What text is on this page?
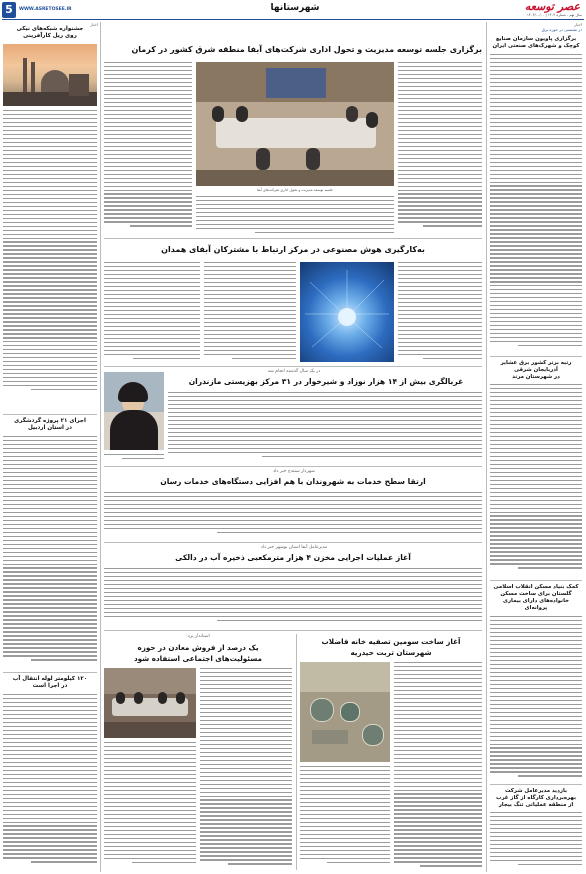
5	WWW.ASRETOSEE.IR	شهرستانها	عصر توسعه
سال نهم - شماره ۱۴۰۳ | ۱۴۰۳/۰۰/۰۰
اخبار
جشنواره شبکه‌های نیکی
روی ریل کارآفرینی
اجرای ۲۱ پروژه گردشگری
در استان اردبیل
۱۲۰ کیلومتر لوله انتقال آب
در اجرا است
اخبار
در نشستی در حوزه برق
برگزاری پاویون سازمان صنایع
کوچک و شهرک‌های صنعتی ایران
رتبه برتر کشور برق عشایر
آذربایجان شرقی
در شهرستان مرند
کمک بنیاد مسکن انقلاب اسلامی
گلستان برای ساخت مسکن
خانواده‌های دارای بیماری
پروانه‌ای
بازدید مدیرعامل شرکت
بهره‌برداری کارگاه از گاز غرب
از منطقه عملیاتی تنگ بیجار
برگزاری جلسه توسعه مدیریت و تحول اداری شرکت‌های آبفا منطقه شرق کشور در کرمان
جلسه توسعه مدیریت و تحول اداری شرکت‌های آبفا
به‌کارگیری هوش مصنوعی در مرکز ارتباط با مشترکان آبفای همدان
در یک سال گذشته انجام شد
غربالگری بیش از ۱۴ هزار نوزاد و شیرخوار در ۳۱ مرکز بهزیستی مازندران
شهردار سنندج خبر داد
ارتقا سطح خدمات به شهروندان با هم افزایی دستگاه‌های خدمات رسان
مدیرعامل آبفا استان بوشهر خبر داد
آغاز عملیات اجرایی مخزن ۴ هزار مترمکعبی ذخیره آب در دالکی
آغاز ساخت سومین تصفیه خانه فاضلاب
شهرستان تربت حیدریه
استاندار یزد:
یک درصد از فروش معادن در حوزه
مسئولیت‌های اجتماعی استفاده شود
